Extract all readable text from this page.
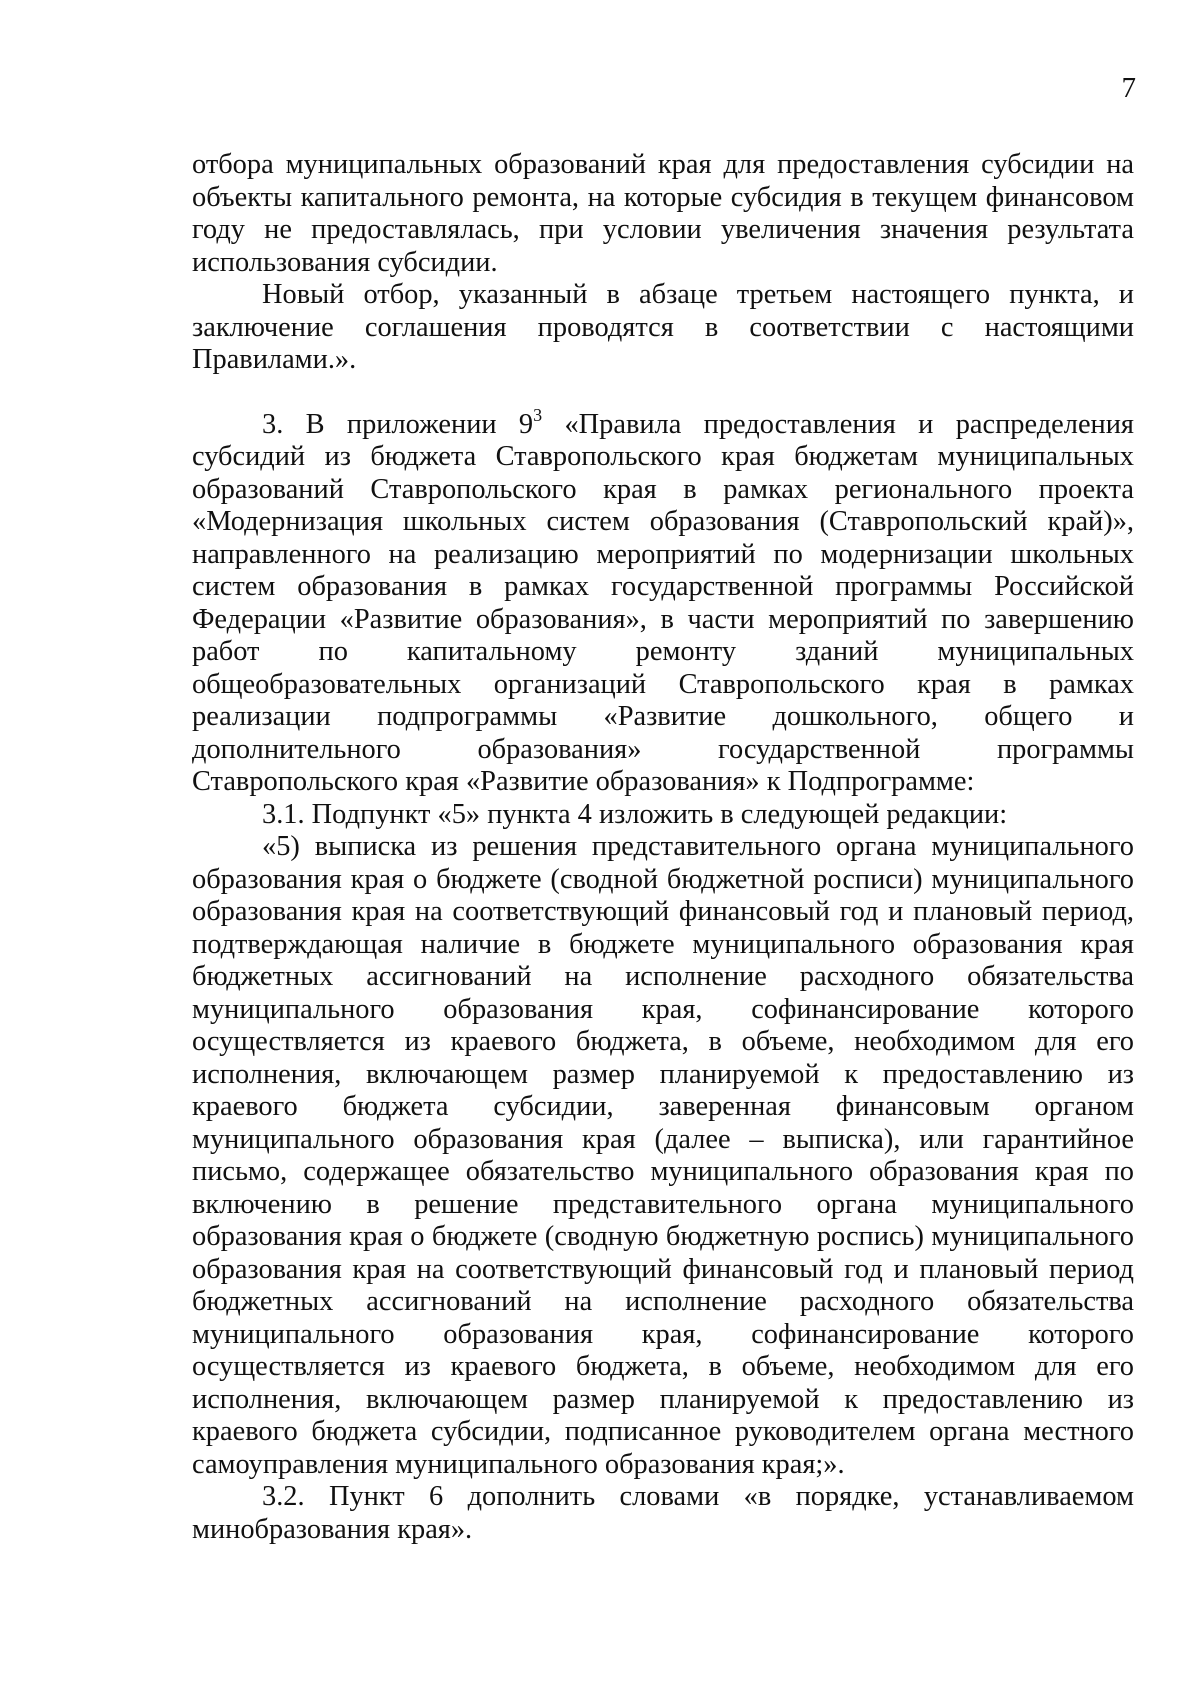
7

отбора муниципальных образований края для предоставления субсидии на объекты капитального ремонта, на которые субсидия в текущем финансовом году не предоставлялась, при условии увеличения значения результата использования субсидии.

Новый отбор, указанный в абзаце третьем настоящего пункта, и заключение соглашения проводятся в соответствии с настоящими Правилами.».

3. В приложении $9^3$ «Правила предоставления и распределения субсидий из бюджета Ставропольского края бюджетам муниципальных образований Ставропольского края в рамках регионального проекта «Модернизация школьных систем образования (Ставропольский край)», направленного на реализацию мероприятий по модернизации школьных систем образования в рамках государственной программы Российской Федерации «Развитие образования», в части мероприятий по завершению работ по капитальному ремонту зданий муниципальных общеобразовательных организаций Ставропольского края в рамках реализации подпрограммы «Развитие дошкольного, общего и дополнительного образования» государственной программы Ставропольского края «Развитие образования» к Подпрограмме:

3.1. Подпункт «5» пункта 4 изложить в следующей редакции:

«5) выписка из решения представительного органа муниципального образования края о бюджете (сводной бюджетной росписи) муниципального образования края на соответствующий финансовый год и плановый период, подтверждающая наличие в бюджете муниципального образования края бюджетных ассигнований на исполнение расходного обязательства муниципального образования края, софинансирование которого осуществляется из краевого бюджета, в объеме, необходимом для его исполнения, включающем размер планируемой к предоставлению из краевого бюджета субсидии, заверенная финансовым органом муниципального образования края (далее – выписка), или гарантийное письмо, содержащее обязательство муниципального образования края по включению в решение представительного органа муниципального образования края о бюджете (сводную бюджетную роспись) муниципального образования края на соответствующий финансовый год и плановый период бюджетных ассигнований на исполнение расходного обязательства муниципального образования края, софинансирование которого осуществляется из краевого бюджета, в объеме, необходимом для его исполнения, включающем размер планируемой к предоставлению из краевого бюджета субсидии, подписанное руководителем органа местного самоуправления муниципального образования края;».

3.2. Пункт 6 дополнить словами «в порядке, устанавливаемом минобразования края».
